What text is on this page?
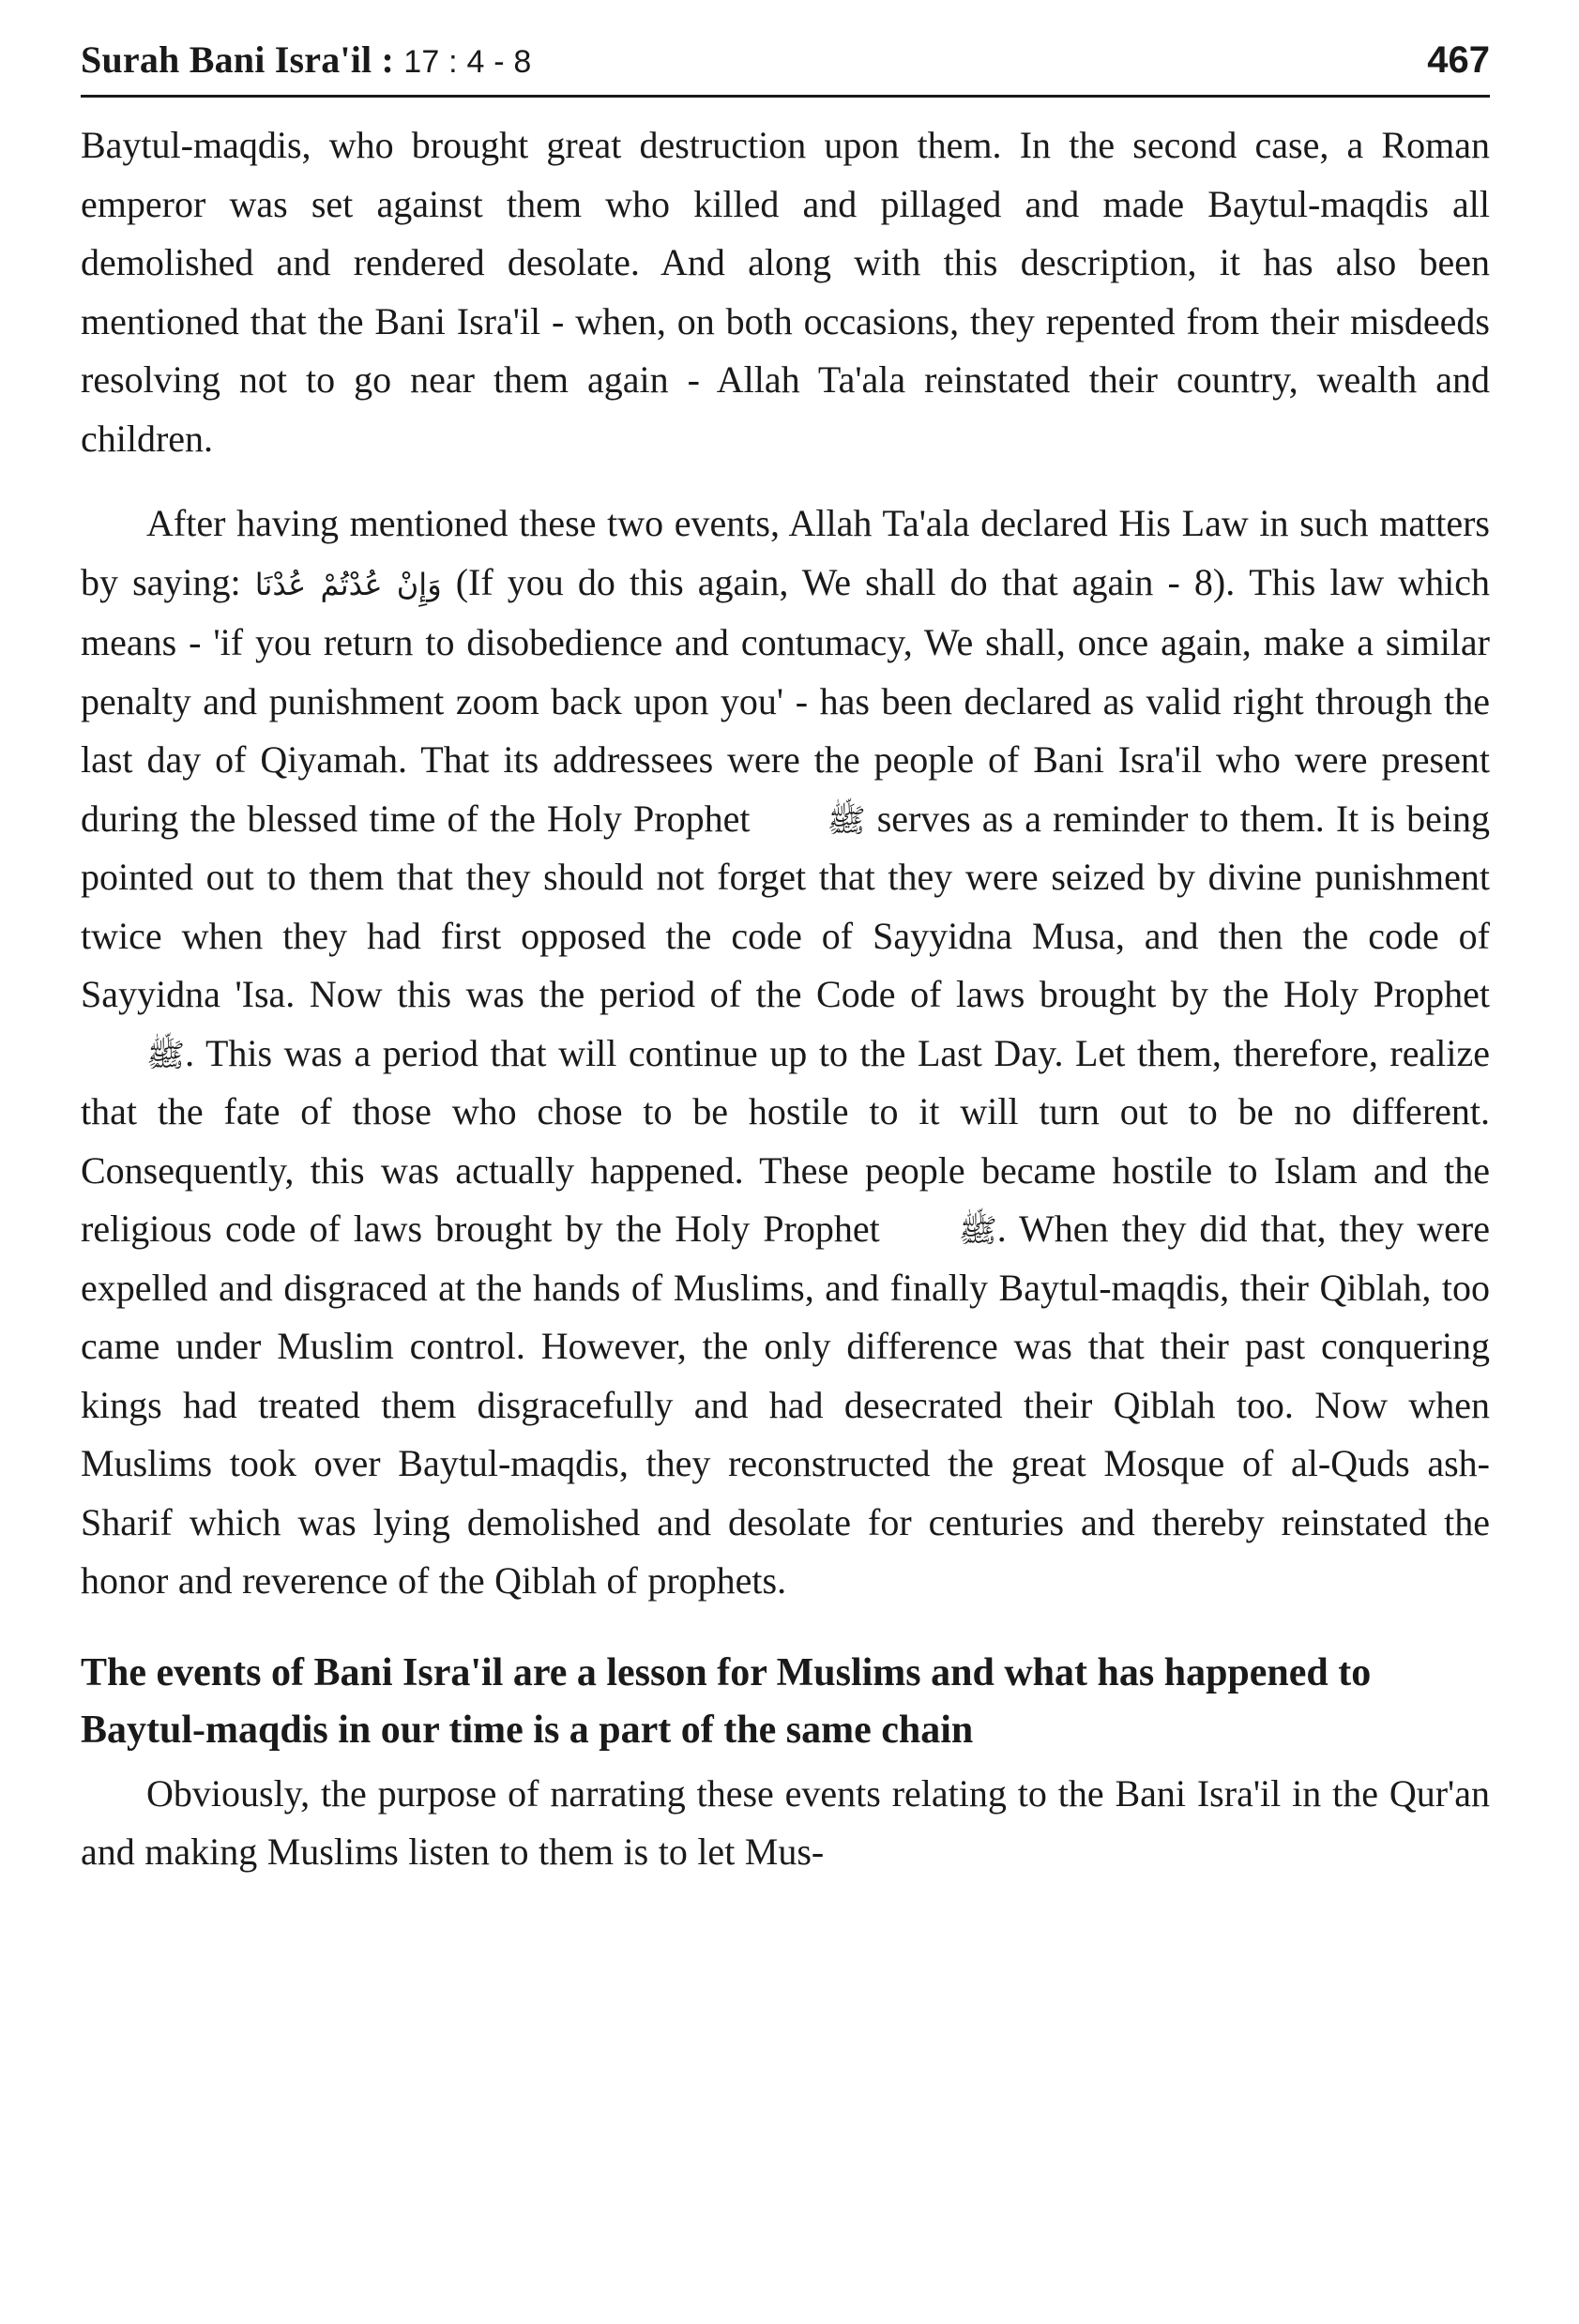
Surah Bani Isra'il : 17 : 4 - 8	467

Baytul-maqdis, who brought great destruction upon them. In the second case, a Roman emperor was set against them who killed and pillaged and made Baytul-maqdis all demolished and rendered desolate. And along with this description, it has also been mentioned that the Bani Isra'il - when, on both occasions, they repented from their misdeeds resolving not to go near them again - Allah Ta'ala reinstated their country, wealth and children.

After having mentioned these two events, Allah Ta'ala declared His Law in such matters by saying: وَإِنْ عُدْتُمْ عُدْنَا (If you do this again, We shall do that again - 8). This law which means - 'if you return to disobedience and contumacy, We shall, once again, make a similar penalty and punishment zoom back upon you' - has been declared as valid right through the last day of Qiyamah. That its addressees were the people of Bani Isra'il who were present during the blessed time of the Holy Prophet ﷺ serves as a reminder to them. It is being pointed out to them that they should not forget that they were seized by divine punishment twice when they had first opposed the code of Sayyidna Musa, and then the code of Sayyidna 'Isa. Now this was the period of the Code of laws brought by the Holy Prophet ﷺ. This was a period that will continue up to the Last Day. Let them, therefore, realize that the fate of those who chose to be hostile to it will turn out to be no different. Consequently, this was actually happened. These people became hostile to Islam and the religious code of laws brought by the Holy Prophet ﷺ. When they did that, they were expelled and disgraced at the hands of Muslims, and finally Baytul-maqdis, their Qiblah, too came under Muslim control. However, the only difference was that their past conquering kings had treated them disgracefully and had desecrated their Qiblah too. Now when Muslims took over Baytul-maqdis, they reconstructed the great Mosque of al-Quds ash-Sharif which was lying demolished and desolate for centuries and thereby reinstated the honor and reverence of the Qiblah of prophets.

The events of Bani Isra'il are a lesson for Muslims and what has happened to Baytul-maqdis in our time is a part of the same chain

Obviously, the purpose of narrating these events relating to the Bani Isra'il in the Qur'an and making Muslims listen to them is to let Mus-
